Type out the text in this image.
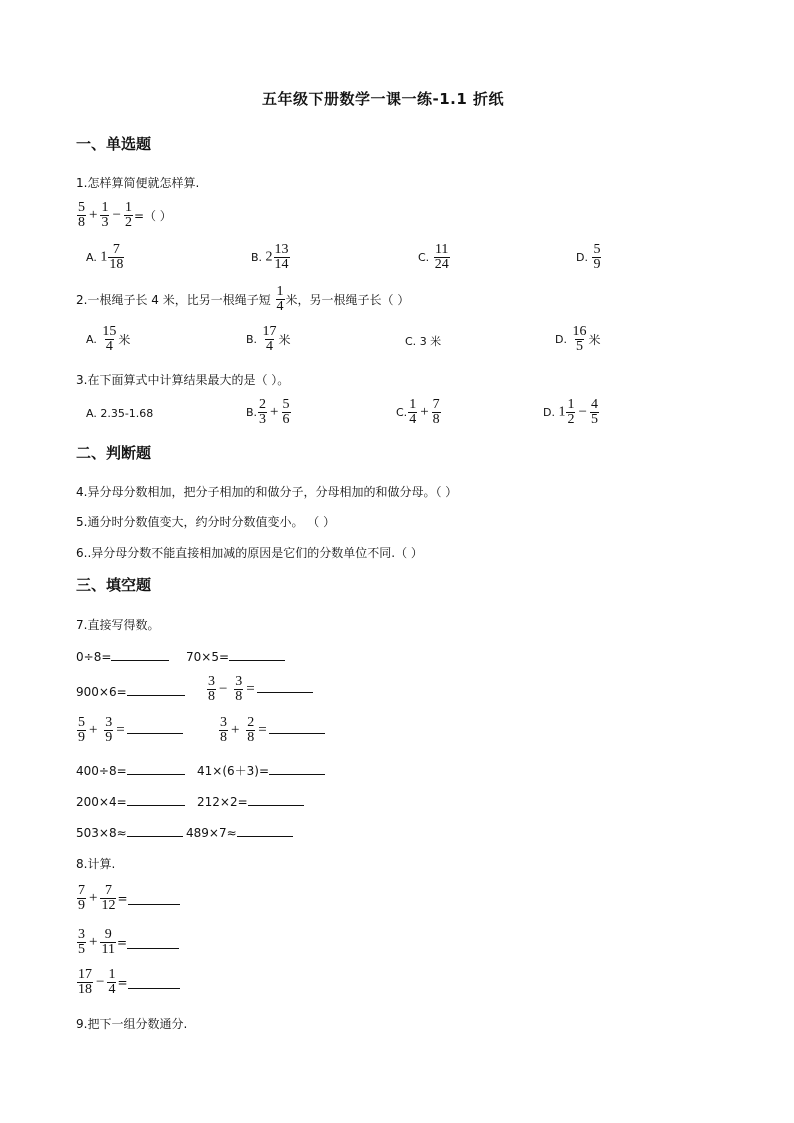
五年级下册数学一课一练-1.1 折纸
一、单选题
1.怎样算简便就怎样算.
$\frac{5}{8} + \frac{1}{3} - \frac{1}{2}$ =（ ）
A. $1 \frac{7}{18}$	B. $2 \frac{13}{14}$	C. $\frac{11}{24}$	D. $\frac{5}{9}$
2.一根绳子长 4 米，比另一根绳子短 $\frac{1}{4}$ 米，另一根绳子长（ ）
A. $\frac{15}{4}$ 米	B. $\frac{17}{4}$ 米	C. 3 米	D. $\frac{16}{5}$ 米
3.在下面算式中计算结果最大的是（ ）。
A. 2.35-1.68	B. $\frac{2}{3} + \frac{5}{6}$	C. $\frac{1}{4} + \frac{7}{8}$	D. $1 \frac{1}{2} - \frac{4}{5}$
二、判断题
4.异分母分数相加，把分子相加的和做分子，分母相加的和做分母。（ ）
5.通分时分数值变大，约分时分数值变小。 （ ）
6..异分母分数不能直接相加减的原因是它们的分数单位不同.（ ）
三、填空题
7.直接写得数。
0÷8=	70×5=
900×6=	$\frac{3}{8} - \frac{3}{8}$ =
$\frac{5}{9} + \frac{3}{9}$ =	$\frac{3}{8} + \frac{2}{8}$ =
400÷8=	41×(6＋3)=
200×4=	212×2=
503×8≈	489×7≈
8.计算.
$\frac{7}{9} + \frac{7}{12}$ =
$\frac{3}{5} + \frac{9}{11}$ =
$\frac{17}{18} - \frac{1}{4}$ =
9.把下一组分数通分.
